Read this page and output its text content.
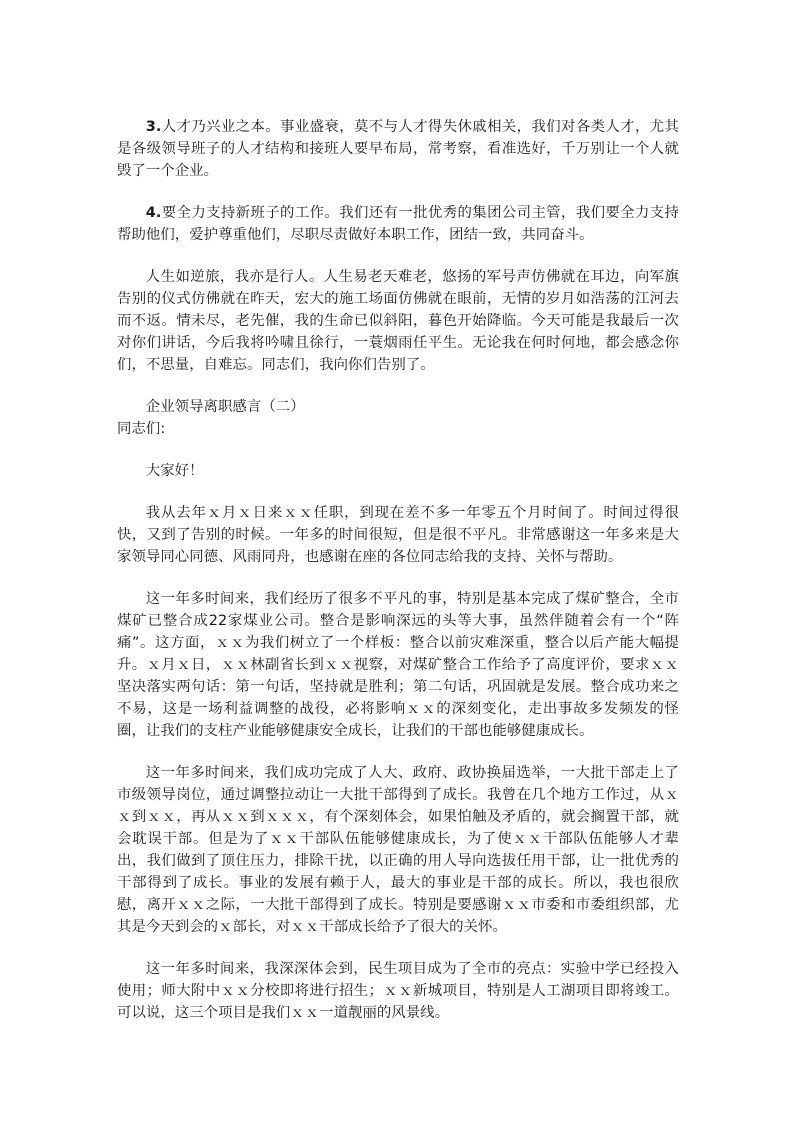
3.人才乃兴业之本。事业盛衰，莫不与人才得失休戚相关，我们对各类人才，尤其是各级领导班子的人才结构和接班人要早布局，常考察，看准选好，千万别让一个人就毁了一个企业。

4.要全力支持新班子的工作。我们还有一批优秀的集团公司主管，我们要全力支持帮助他们，爱护尊重他们，尽职尽责做好本职工作，团结一致，共同奋斗。

人生如逆旅，我亦是行人。人生易老天难老，悠扬的军号声仿佛就在耳边，向军旗告别的仪式仿佛就在昨天，宏大的施工场面仿佛就在眼前，无情的岁月如浩荡的江河去而不返。情未尽，老先催，我的生命已似斜阳，暮色开始降临。今天可能是我最后一次对你们讲话，今后我将吟啸且徐行，一蓑烟雨任平生。无论我在何时何地，都会感念你们，不思量，自难忘。同志们，我向你们告别了。

企业领导离职感言（二）

同志们:

大家好！

我从去年ｘ月ｘ日来ｘｘ任职，到现在差不多一年零五个月时间了。时间过得很快，又到了告别的时候。一年多的时间很短，但是很不平凡。非常感谢这一年多来是大家领导同心同德、风雨同舟，也感谢在座的各位同志给我的支持、关怀与帮助。

这一年多时间来，我们经历了很多不平凡的事，特别是基本完成了煤矿整合，全市煤矿已整合成22家煤业公司。整合是影响深远的头等大事，虽然伴随着会有一个“阵痛”。这方面，ｘｘ为我们树立了一个样板：整合以前灾难深重，整合以后产能大幅提升。ｘ月ｘ日，ｘｘ林副省长到ｘｘ视察，对煤矿整合工作给予了高度评价，要求ｘｘ坚决落实两句话：第一句话，坚持就是胜利；第二句话，巩固就是发展。整合成功来之不易，这是一场利益调整的战役，必将影响ｘｘ的深刻变化，走出事故多发频发的怪圈，让我们的支柱产业能够健康安全成长，让我们的干部也能够健康成长。

这一年多时间来，我们成功完成了人大、政府、政协换届选举，一大批干部走上了市级领导岗位，通过调整拉动让一大批干部得到了成长。我曾在几个地方工作过，从ｘｘ到ｘｘ，再从ｘｘ到ｘｘｘ，有个深刻体会，如果怕触及矛盾的，就会搁置干部，就会耽误干部。但是为了ｘｘ干部队伍能够健康成长，为了使ｘｘ干部队伍能够人才辈出，我们做到了顶住压力，排除干扰，以正确的用人导向选拔任用干部，让一批优秀的干部得到了成长。事业的发展有赖于人，最大的事业是干部的成长。所以，我也很欣慰，离开ｘｘ之际，一大批干部得到了成长。特别是要感谢ｘｘ市委和市委组织部，尤其是今天到会的ｘ部长，对ｘｘ干部成长给予了很大的关怀。

这一年多时间来，我深深体会到，民生项目成为了全市的亮点：实验中学已经投入使用；师大附中ｘｘ分校即将进行招生；ｘｘ新城项目，特别是人工湖项目即将竣工。可以说，这三个项目是我们ｘｘ一道靓丽的风景线。
